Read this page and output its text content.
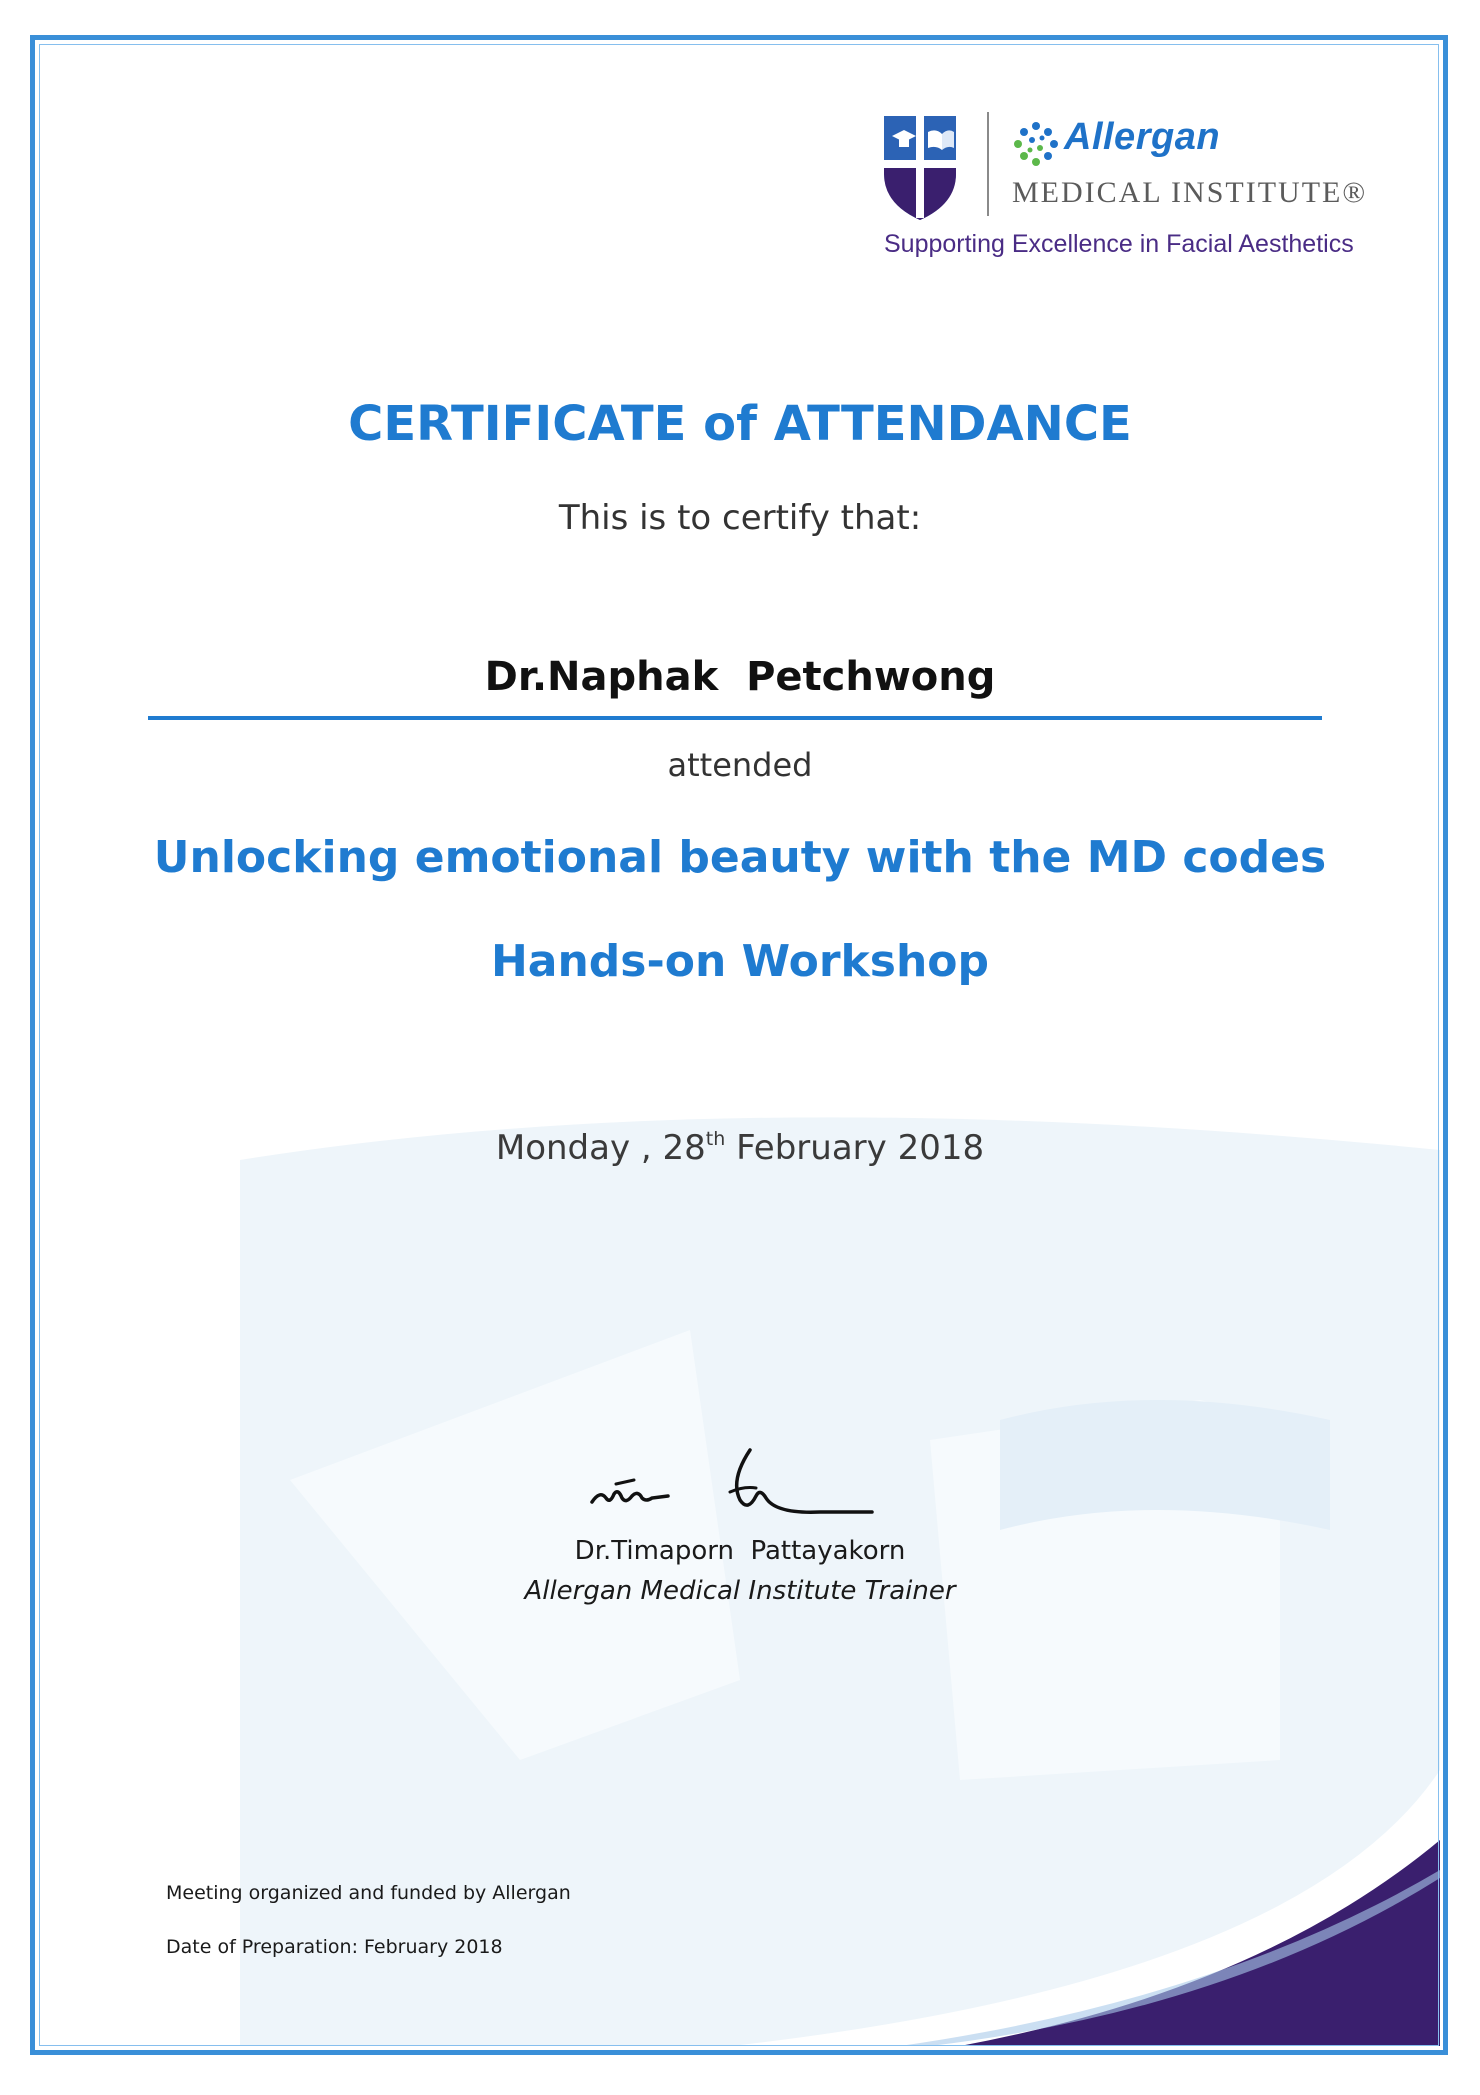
Allergan
MEDICAL INSTITUTE®
Supporting Excellence in Facial Aesthetics
CERTIFICATE of ATTENDANCE
This is to certify that:
Dr.Naphak  Petchwong
attended
Unlocking emotional beauty with the MD codes
Hands-on Workshop
Monday , 28th February 2018
Dr.Timaporn  Pattayakorn
Allergan Medical Institute Trainer
Meeting organized and funded by Allergan
Date of Preparation: February 2018
